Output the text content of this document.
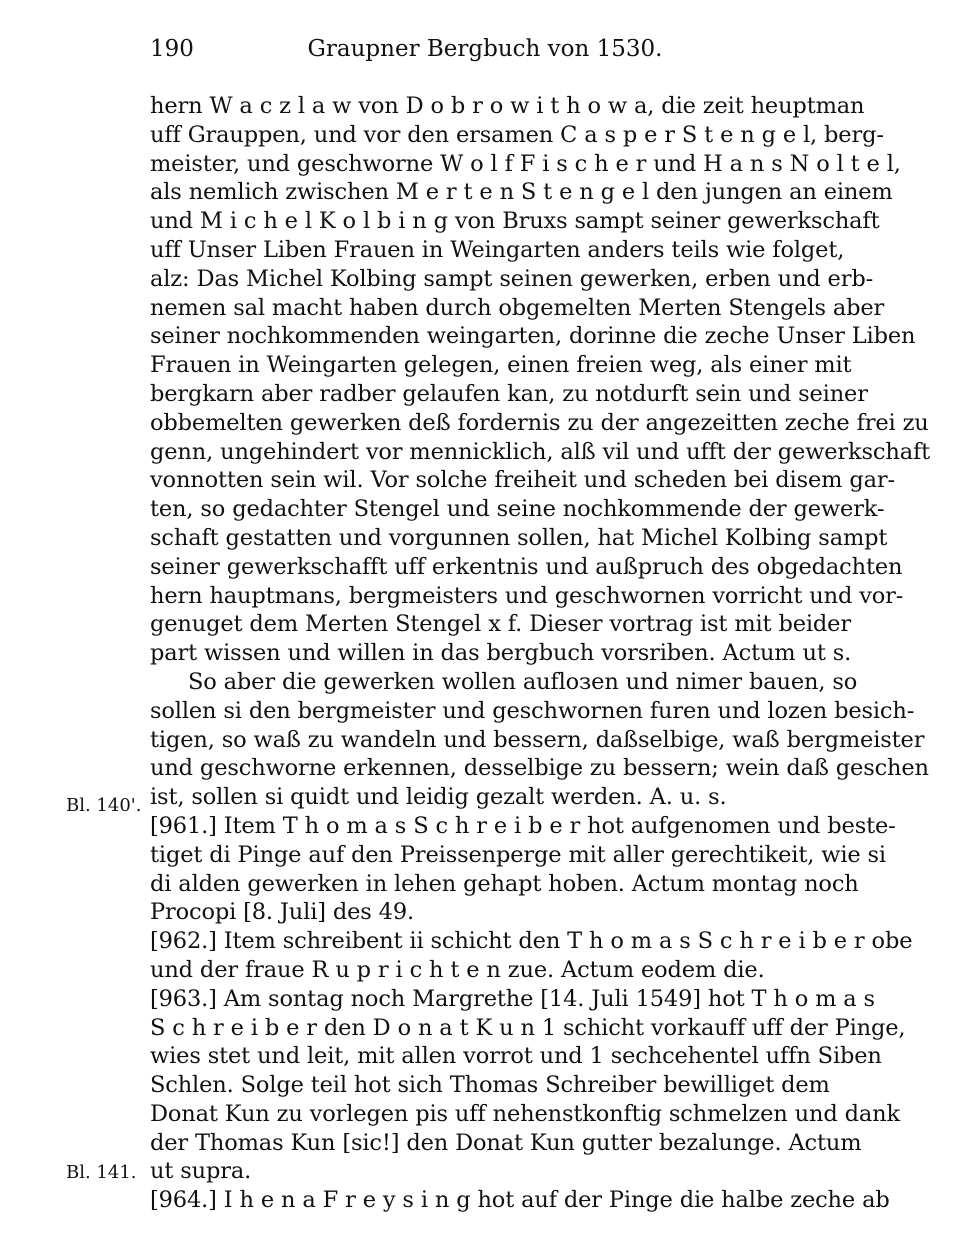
190	Graupner Bergbuch von 1530.
Bl. 140'.
Bl. 141.
hern W a c z l a w von D o b r o w i t h o w a, die zeit heuptman
uff Grauppen, und vor den ersamen C a s p e r S t e n g e l, berg-
meister, und geschworne W o l f F i s c h e r und H a n s N o l t e l,
als nemlich zwischen M e r t e n S t e n g e l den jungen an einem
und M i c h e l K o l b i n g von Bruxs sampt seiner gewerkschaft
uff Unser Liben Frauen in Weingarten anders teils wie folget,
alz: Das Michel Kolbing sampt seinen gewerken, erben und erb-
nemen sal macht haben durch obgemelten Merten Stengels aber
seiner nochkommenden weingarten, dorinne die zeche Unser Liben
Frauen in Weingarten gelegen, einen freien weg, als einer mit
bergkarn aber radber gelaufen kan, zu notdurft sein und seiner
obbemelten gewerken deß fordernis zu der angezeitten zeche frei zu
genn, ungehindert vor mennicklich, alß vil und ufft der gewerkschaft
vonnotten sein wil. Vor solche freiheit und scheden bei disem gar-
ten, so gedachter Stengel und seine nochkommende der gewerk-
schaft gestatten und vorgunnen sollen, hat Michel Kolbing sampt
seiner gewerkschafft uff erkentnis und außpruch des obgedachten
hern hauptmans, bergmeisters und geschwornen vorricht und vor-
genuget dem Merten Stengel x f. Dieser vortrag ist mit beider
part wissen und willen in das bergbuch vorsriben. Actum ut s.
So aber die gewerken wollen aufloзen und nimer bauen, so
sollen si den bergmeister und geschwornen furen und lozen besich-
tigen, so waß zu wandeln und bessern, daßselbige, waß bergmeister
und geschworne erkennen, desselbige zu bessern; wein daß geschen
ist, sollen si quidt und leidig gezalt werden. A. u. s.
[961.] Item T h o m a s S c h r e i b e r hot aufgenomen und beste-
tiget di Pinge auf den Preissenperge mit aller gerechtikeit, wie si
di alden gewerken in lehen gehapt hoben. Actum montag noch
Procopi [8. Juli] des 49.
[962.] Item schreibent ii schicht den T h o m a s S c h r e i b e r obe
und der fraue R u p r i c h t e n zue. Actum eodem die.
[963.] Am sontag noch Margrethe [14. Juli 1549] hot T h o m a s
S c h r e i b e r den D o n a t K u n 1 schicht vorkauff uff der Pinge,
wies stet und leit, mit allen vorrot und 1 sechcehentel uffn Siben
Schlen. Solge teil hot sich Thomas Schreiber bewilliget dem
Donat Kun zu vorlegen pis uff nehenstkonftig schmelzen und dank
der Thomas Kun [sic!] den Donat Kun gutter bezalunge. Actum
ut supra.
[964.] I h e n a F r e y s i n g hot auf der Pinge die halbe zeche ab
